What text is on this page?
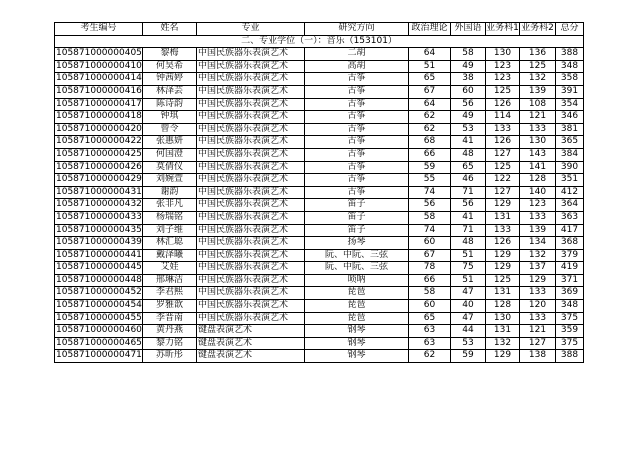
考生编号	姓名	专业	研究方向	政治理论	外国语	业务科1	业务科2	总分
二、专业学位（一）：音乐（153101）								
105871000000405	黎梅	中国民族器乐表演艺术	二胡	64	58	130	136	388
105871000000410	何昊希	中国民族器乐表演艺术	高胡	51	49	123	125	348
105871000000414	钟茜婷	中国民族器乐表演艺术	古筝	65	38	123	132	358
105871000000416	林泽芸	中国民族器乐表演艺术	古筝	67	60	125	139	391
105871000000417	陈诗韵	中国民族器乐表演艺术	古筝	64	56	126	108	354
105871000000418	钟琪	中国民族器乐表演艺术	古筝	62	49	114	121	346
105871000000420	曾令	中国民族器乐表演艺术	古筝	62	53	133	133	381
105871000000422	张惠妍	中国民族器乐表演艺术	古筝	68	41	126	130	365
105871000000425	何国澄	中国民族器乐表演艺术	古筝	66	48	127	143	384
105871000000426	莫倩仪	中国民族器乐表演艺术	古筝	59	65	125	141	390
105871000000429	刘婉萱	中国民族器乐表演艺术	古筝	55	46	122	128	351
105871000000431	谢韵	中国民族器乐表演艺术	古筝	74	71	127	140	412
105871000000432	张非凡	中国民族器乐表演艺术	笛子	56	56	129	123	364
105871000000433	杨瑞铭	中国民族器乐表演艺术	笛子	58	41	131	133	363
105871000000435	刘子维	中国民族器乐表演艺术	笛子	74	71	133	139	417
105871000000439	林汇聪	中国民族器乐表演艺术	扬琴	60	48	126	134	368
105871000000441	戴泽曦	中国民族器乐表演艺术	阮、中阮、三弦	67	51	129	132	379
105871000000445	艾娃	中国民族器乐表演艺术	阮、中阮、三弦	78	75	129	137	419
105871000000448	邢琳洁	中国民族器乐表演艺术	唢呐	66	51	125	129	371
105871000000452	李君熙	中国民族器乐表演艺术	琵琶	58	47	131	133	369
105871000000454	罗雅歆	中国民族器乐表演艺术	琵琶	60	40	128	120	348
105871000000455	李晋南	中国民族器乐表演艺术	琵琶	65	47	130	133	375
105871000000460	黄丹燕	键盘表演艺术	钢琴	63	44	131	121	359
105871000000465	黎力铭	键盘表演艺术	钢琴	63	53	132	127	375
105871000000471	苏昕彤	键盘表演艺术	钢琴	62	59	129	138	388
